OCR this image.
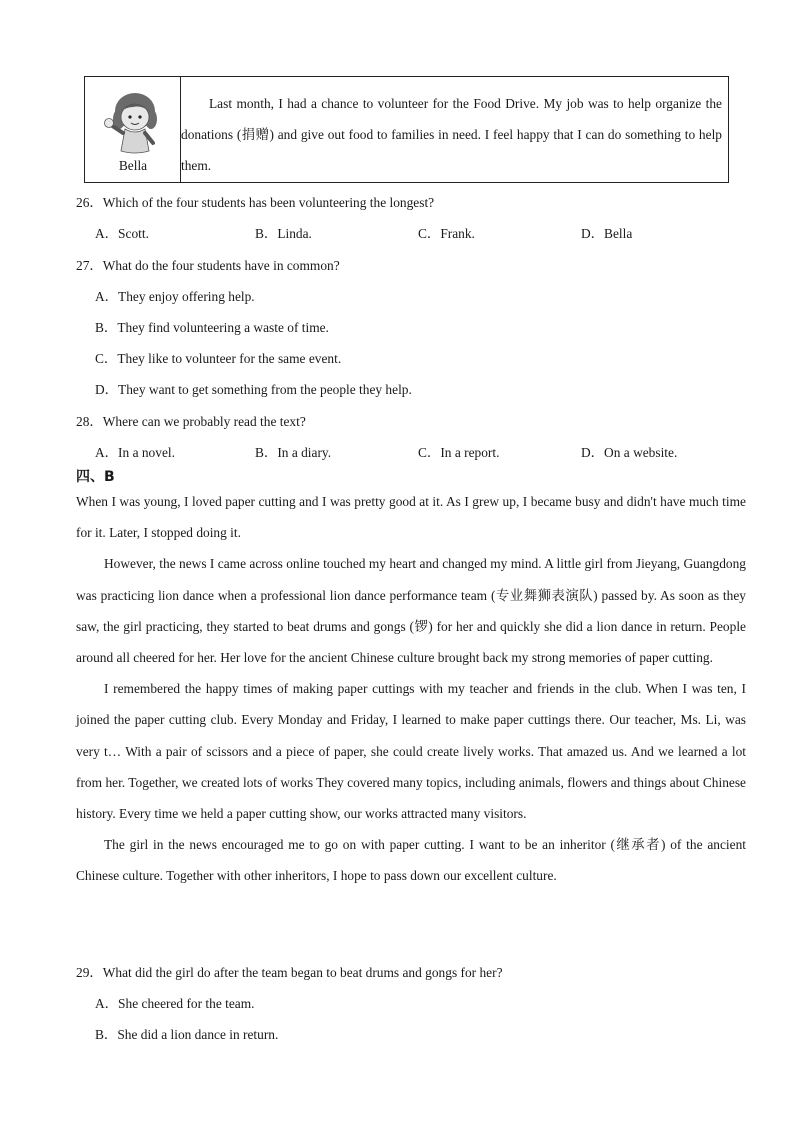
Bella

Last month, I had a chance to volunteer for the Food Drive. My job was to help organize the donations (捐赠) and give out food to families in need. I feel happy that I can do something to help them.

26．Which of the four students has been volunteering the longest?
A．Scott.	B．Linda.	C．Frank.	D．Bella
27．What do the four students have in common?
A．They enjoy offering help.
B．They find volunteering a waste of time.
C．They like to volunteer for the same event.
D．They want to get something from the people they help.
28．Where can we probably read the text?
A．In a novel.	B．In a diary.	C．In a report.	D．On a website.
四、B

When I was young, I loved paper cutting and I was pretty good at it. As I grew up, I became busy and didn't have much time for it. Later, I stopped doing it.

However, the news I came across online touched my heart and changed my mind. A little girl from Jieyang, Guangdong was practicing lion dance when a professional lion dance performance team (专业舞狮表演队) passed by. As soon as they saw, the girl practicing, they started to beat drums and gongs (锣) for her and quickly she did a lion dance in return. People around all cheered for her. Her love for the ancient Chinese culture brought back my strong memories of paper cutting.

I remembered the happy times of making paper cuttings with my teacher and friends in the club. When I was ten, I joined the paper cutting club. Every Monday and Friday, I learned to make paper cuttings there. Our teacher, Ms. Li, was very t… With a pair of scissors and a piece of paper, she could create lively works. That amazed us. And we learned a lot from her. Together, we created lots of works They covered many topics, including animals, flowers and things about Chinese history. Every time we held a paper cutting show, our works attracted many visitors.

The girl in the news encouraged me to go on with paper cutting. I want to be an inheritor (继承者) of the ancient Chinese culture. Together with other inheritors, I hope to pass down our excellent culture.

29．What did the girl do after the team began to beat drums and gongs for her?
A．She cheered for the team.
B．She did a lion dance in return.
